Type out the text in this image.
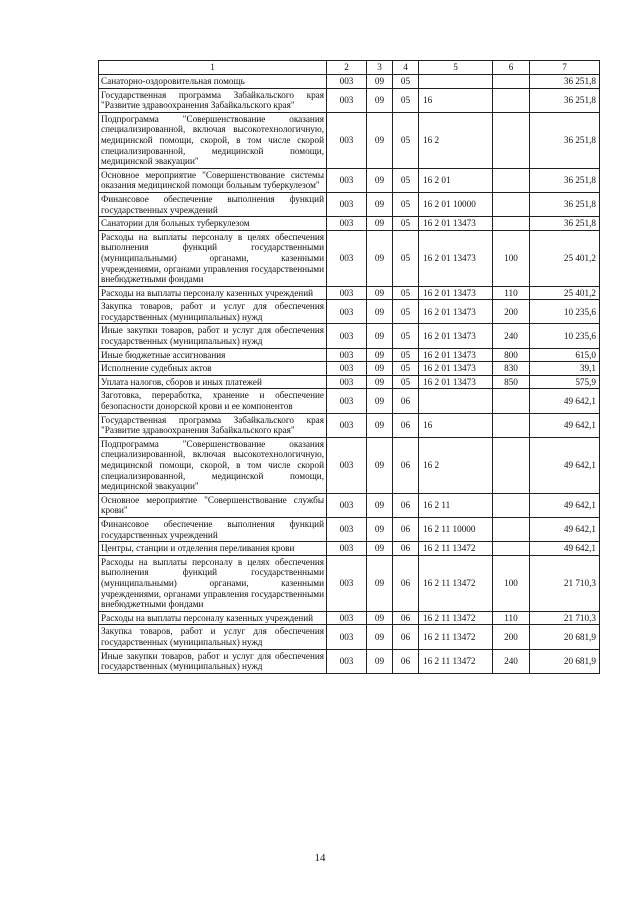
1	2	3	4	5	6	7
Санаторно-оздоровительная помощь	003	09	05			36 251,8
Государственная программа Забайкальского края "Развитие здравоохранения Забайкальского края"	003	09	05	16		36 251,8
Подпрограмма "Совершенствование оказания специализированной, включая высокотехнологичную, медицинской помощи, скорой, в том числе скорой специализированной, медицинской помощи, медицинской эвакуации"	003	09	05	16 2		36 251,8
Основное мероприятие "Совершенствование системы оказания медицинской помощи больным туберкулезом"	003	09	05	16 2 01		36 251,8
Финансовое обеспечение выполнения функций государственных учреждений	003	09	05	16 2 01 10000		36 251,8
Санатории для больных туберкулезом	003	09	05	16 2 01 13473		36 251,8
Расходы на выплаты персоналу в целях обеспечения выполнения функций государственными (муниципальными) органами, казенными учреждениями, органами управления государственными внебюджетными фондами	003	09	05	16 2 01 13473	100	25 401,2
Расходы на выплаты персоналу казенных учреждений	003	09	05	16 2 01 13473	110	25 401,2
Закупка товаров, работ и услуг для обеспечения государственных (муниципальных) нужд	003	09	05	16 2 01 13473	200	10 235,6
Иные закупки товаров, работ и услуг для обеспечения государственных (муниципальных) нужд	003	09	05	16 2 01 13473	240	10 235,6
Иные бюджетные ассигнования	003	09	05	16 2 01 13473	800	615,0
Исполнение судебных актов	003	09	05	16 2 01 13473	830	39,1
Уплата налогов, сборов и иных платежей	003	09	05	16 2 01 13473	850	575,9
Заготовка, переработка, хранение и обеспечение безопасности донорской крови и ее компонентов	003	09	06			49 642,1
Государственная программа Забайкальского края "Развитие здравоохранения Забайкальского края"	003	09	06	16		49 642,1
Подпрограмма "Совершенствование оказания специализированной, включая высокотехнологичную, медицинской помощи, скорой, в том числе скорой специализированной, медицинской помощи, медицинской эвакуации"	003	09	06	16 2		49 642,1
Основное мероприятие "Совершенствование службы крови"	003	09	06	16 2 11		49 642,1
Финансовое обеспечение выполнения функций государственных учреждений	003	09	06	16 2 11 10000		49 642,1
Центры, станции и отделения переливания крови	003	09	06	16 2 11 13472		49 642,1
Расходы на выплаты персоналу в целях обеспечения выполнения функций государственными (муниципальными) органами, казенными учреждениями, органами управления государственными внебюджетными фондами	003	09	06	16 2 11 13472	100	21 710,3
Расходы на выплаты персоналу казенных учреждений	003	09	06	16 2 11 13472	110	21 710,3
Закупка товаров, работ и услуг для обеспечения государственных (муниципальных) нужд	003	09	06	16 2 11 13472	200	20 681,9
Иные закупки товаров, работ и услуг для обеспечения государственных (муниципальных) нужд	003	09	06	16 2 11 13472	240	20 681,9
14
